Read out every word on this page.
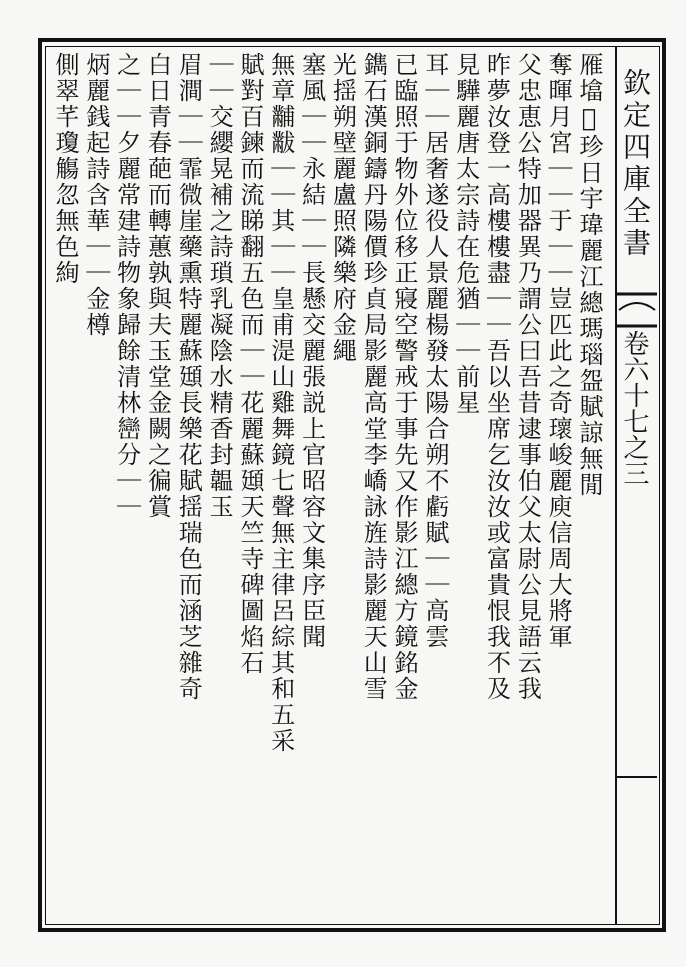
欽定四庫全書
卷六十七之三
雁墖𪉑珍日宇瑋麗江總瑪瑙盌賦諒無閒
奪暉月宮｜｜于｜｜豈匹此之奇瓌峻麗庾信周大將軍
父忠恵公特加器異乃謂公曰吾昔逮事伯父太尉公見語云我
昨夢汝登一高樓樓盡｜｜吾以坐席乞汝汝或富貴恨我不及
見驊麗唐太宗詩在危猶｜｜前星
耳｜｜居奢遂役人景麗楊發太陽合朔不虧賦｜｜高雲
已臨照于物外位移正寢空警戒于事先又作影江總方鏡銘金
鐫石漢銅鑄丹陽價珍貞局影麗高堂李嶠詠旌詩影麗天山雪
光揺朔壁麗盧照隣樂府金繩
塞風｜｜永結｜｜長懸交麗張説上官昭容文集序臣聞
無章黼黻｜｜其｜｜皇甫湜山雞舞鏡七聲無主律呂綜其和五采
賦對百鍊而流睇翻五色而｜｜花麗蘇頲天竺寺碑圖焰石
｜｜交纓晃補之詩瑣乳凝陰水精香封韞玉
眉澗｜｜霏微崖藥熏特麗蘇頲長樂花賦揺瑞色而涵芝雜奇
白日青春葩而轉蕙孰與夫玉堂金闕之徧賞
之｜｜夕麗常建詩物象歸餘清林巒分｜｜
炳麗銭起詩含華｜｜金樽
側翠芊瓊觴忽無色絢
